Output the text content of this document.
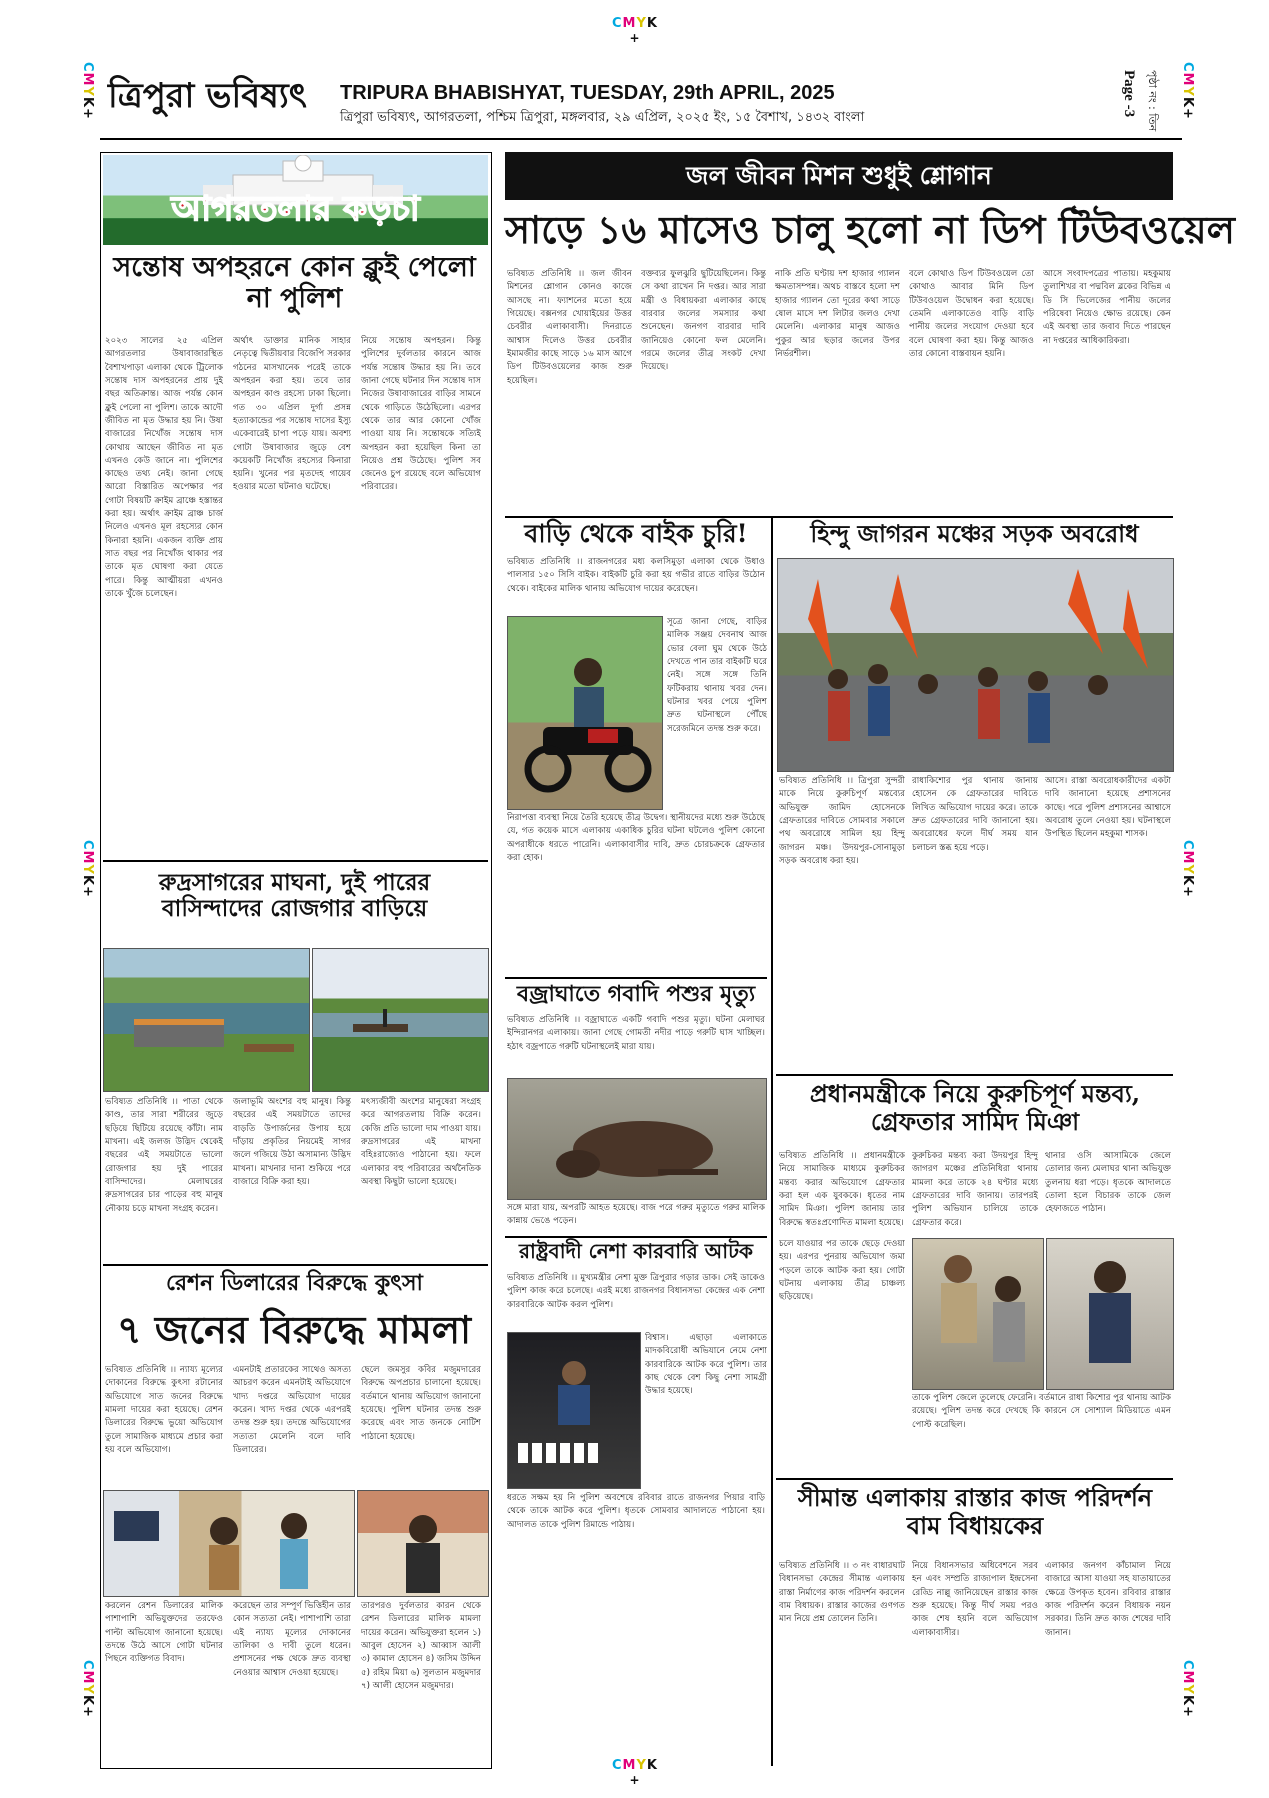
CMYK
+
CMYK
+
CMYK+
CMYK+
CMYK+
CMYK+
CMYK+
CMYK+
ত্রিপুরা ভবিষ্যৎ TRIPURA BHABISHYAT, TUESDAY, 29th APRIL, 2025
ত্রিপুরা ভবিষ্যৎ, আগরতলা, পশ্চিম ত্রিপুরা, মঙ্গলবার, ২৯ এপ্রিল, ২০২৫ ইং, ১৫ বৈশাখ, ১৪৩২ বাংলা
Page -3 পৃষ্ঠা নং : তিন
আগরতলার কড়চা
সন্তোষ অপহরনে কোন ক্লুই পেলো না পুলিশ
২০২৩ সালের ২৫ এপ্রিল আগরতলার উষাবাজারস্থিত বৈশাখপাড়া এলাকা থেকে ট্রিলোক সন্তোষ দাস অপহরনের প্রায় দুই বছর অতিক্রান্ত। আজ পর্যন্ত কোন ক্লুই পেলো না পুলিশ। তাকে আদৌ জীবিত না মৃত উদ্ধার হয় নি। উষা বাজারের নিখোঁজ সন্তোষ দাস কোথায় আছেন জীবিত না মৃত এখনও কেউ জানে না। পুলিশের কাছেও তথ্য নেই। জানা গেছে আরো বিস্তারিত অপেক্ষার পর গোটা বিষয়টি ক্রাইম ব্রাঞ্চে হস্তান্তর করা হয়। অর্থাৎ ক্রাইম ব্রাঞ্চ চার্জ নিলেও এখনও মূল রহস্যের কোন কিনারা হয়নি। একজন ব্যক্তি প্রায় সাত বছর পর নিখোঁজ থাকার পর তাকে মৃত ঘোষণা করা যেতে পারে। কিন্তু আত্মীয়রা এখনও তাকে খুঁজে চলেছেন।
অর্থাৎ ডাক্তার মানিক সাহার নেতৃত্বে দ্বিতীয়বার বিজেপি সরকার গঠনের মাসখানেক পরেই তাকে অপহরন করা হয়। তবে তার অপহরন কাণ্ড রহস্যে ঢাকা ছিলো। গত ৩০ এপ্রিল দুর্গা প্রসন্ন হত্যাকান্ডের পর সন্তোষ দাসের ইস্যু একেবারেই চাপা পড়ে যায়। অবশ্য গোটা উষাবাজার জুড়ে বেশ কয়েকটি নিখোঁজ রহস্যের কিনারা হয়নি। খুনের পর মৃতদেহ গায়েব হওয়ার মতো ঘটনাও ঘটেছে।
নিয়ে সন্তোষ অপহরন। কিন্তু পুলিশের দুর্বলতার কারনে আজ পর্যন্ত সন্তোষ উদ্ধার হয় নি। তবে জানা গেছে ঘটনার দিন সন্তোষ দাস নিজের উষাবাজারের বাড়ির সামনে থেকে গাড়িতে উঠেছিলো। এরপর থেকে তার আর কোনো খোঁজ পাওয়া যায় নি। সন্তোষকে সত্যিই অপহরন করা হয়েছিল কিনা তা নিয়েও প্রশ্ন উঠেছে। পুলিশ সব জেনেও চুপ রয়েছে বলে অভিযোগ পরিবারের।
রুদ্রসাগরের মাঘনা, দুই পারের বাসিন্দাদের রোজগার বাড়িয়ে
ভবিষ্যত প্রতিনিধি ।। পাতা থেকে কাণ্ড, তার সারা শরীরের জুড়ে ছড়িয়ে ছিটিয়ে রয়েছে কাঁটা। নাম মাখনা। এই জলজ উদ্ভিদ থেকেই বছরের এই সময়টাতে ভালো রোজগার হয় দুই পারের বাসিন্দাদের। মেলাঘরের রুদ্রসাগরের চার পাড়ের বহু মানুষ নৌকায় চড়ে মাখনা সংগ্রহ করেন।
জলাভূমি অংশের বহু মানুষ। কিন্তু বছরের এই সময়টাতে তাদের বাড়তি উপার্জনের উপায় হয়ে দাঁড়ায় প্রকৃতির নিয়মেই সাগর জলে গজিয়ে উঠা অসামান্য উদ্ভিদ মাখনা। মাখনার দানা শুকিয়ে পরে বাজারে বিক্রি করা হয়।
মৎস্যজীবী অংশের মানুষেরা সংগ্রহ করে আগরতলায় বিক্রি করেন। কেজি প্রতি ভালো দাম পাওয়া যায়। রুদ্রসাগরের এই মাখনা বহিঃরাজ্যেও পাঠানো হয়। ফলে এলাকার বহু পরিবারের অর্থনৈতিক অবস্থা কিছুটা ভালো হয়েছে।
রেশন ডিলারের বিরুদ্ধে কুৎসা
৭ জনের বিরুদ্ধে মামলা
ভবিষ্যত প্রতিনিধি ।। ন্যায্য মূল্যের দোকানের বিরুদ্ধে কুৎসা রটানোর অভিযোগে সাত জনের বিরুদ্ধে মামলা দায়ের করা হয়েছে। রেশন ডিলারের বিরুদ্ধে ভুয়ো অভিযোগ তুলে সামাজিক মাধ্যমে প্রচার করা হয় বলে অভিযোগ।
এমনটাই প্রতারকের সাথেও অসত্য আচরণ করেন এমনটাই অভিযোগে খাদ্য দপ্তরে অভিযোগ দায়ের করেন। খাদ্য দপ্তর থেকে এরপরই তদন্ত শুরু হয়। তদন্তে অভিযোগের সত্যতা মেলেনি বলে দাবি ডিলারের।
ছেলে জমসুর কবির মজুমদারের বিরুদ্ধে অপপ্রচার চালানো হয়েছে। বর্তমানে থানায় অভিযোগ জানানো হয়েছে। পুলিশ ঘটনার তদন্ত শুরু করেছে এবং সাত জনকে নোটিশ পাঠানো হয়েছে।
করলেন রেশন ডিলারের মালিক পাশাপাশি অভিযুক্তদের তরফেও পাল্টা অভিযোগ জানানো হয়েছে। তদন্তে উঠে আসে গোটা ঘটনার পিছনে ব্যক্তিগত বিবাদ।
করেছেন তার সম্পূর্ণ ভিত্তিহীন তার কোন সত্যতা নেই। পাশাপাশি তারা এই ন্যায্য মূল্যের দোকানের তালিকা ও দাবী তুলে ধরেন। প্রশাসনের পক্ষ থেকে দ্রুত ব্যবস্থা নেওয়ার আশ্বাস দেওয়া হয়েছে।
তারপরও দুর্বলতার কারন থেকে রেশন ডিলারের মালিক মামলা দায়ের করেন। অভিযুক্তরা হলেন ১) আবুল হোসেন ২) আব্বাস আলী ৩) কামাল হোসেন ৪) জসিম উদ্দিন ৫) রহিম মিয়া ৬) সুলতান মজুমদার ৭) আলী হোসেন মজুমদার।
জল জীবন মিশন শুধুই শ্লোগান
সাড়ে ১৬ মাসেও চালু হলো না ডিপ টিউবওয়েল
ভবিষ্যত প্রতিনিধি ।। জল জীবন মিশনের শ্লোগান কোনও কাজে আসছে না। ফ্যাশনের মতো হয়ে গিয়েছে। বক্সনগর খোয়াইয়ের উত্তর চেবরীর এলাকাবাসী। দিনরাতে আশ্বাস দিলেও উত্তর চেবরীর ইমামজীর কাছে সাড়ে ১৬ মাস আগে ডিপ টিউবওয়েলের কাজ শুরু হয়েছিল।
বক্তব্যর ফুলঝুরি ছুটিয়েছিলেন। কিন্তু সে কথা রাখেন নি দপ্তর। আর সারা মন্ত্রী ও বিধায়করা এলাকার কাছে বারবার জলের সমস্যার কথা শুনেছেন। জনগণ বারবার দাবি জানিয়েও কোনো ফল মেলেনি। গরমে জলের তীব্র সংকট দেখা দিয়েছে।
নাকি প্রতি ঘণ্টায় দশ হাজার গ্যালন ক্ষমতাসম্পন্ন। অথচ বাস্তবে হলো দশ হাজার গ্যালন তো দূরের কথা সাড়ে ষোল মাসে দশ লিটার জলও দেখা মেলেনি। এলাকার মানুষ আজও পুকুর আর ছড়ার জলের উপর নির্ভরশীল।
বলে কোথাও ডিপ টিউবওয়েল তো কোথাও আবার মিনি ডিপ টিউবওয়েল উদ্বোধন করা হয়েছে। তেমনি এলাকাতেও বাড়ি বাড়ি পানীয় জলের সংযোগ দেওয়া হবে বলে ঘোষণা করা হয়। কিন্তু আজও তার কোনো বাস্তবায়ন হয়নি।
আসে সংবাদপত্রের পাতায়। মহকুমায় তুলাশিখর বা পদ্মবিল ব্লকের বিভিন্ন এ ডি সি ভিলেজের পানীয় জলের পরিষেবা নিয়েও ক্ষোভ রয়েছে। কেন এই অবস্থা তার জবাব দিতে পারছেন না দপ্তরের আধিকারিকরা।
বাড়ি থেকে বাইক চুরি!
ভবিষ্যত প্রতিনিধি ।। রাজনগরের মধ্য কলসিমুড়া এলাকা থেকে উধাও পালসার ১৫০ সিসি বাইক। বাইকটি চুরি করা হয় গভীর রাতে বাড়ির উঠোন থেকে। বাইকের মালিক থানায় অভিযোগ দায়ের করেছেন।
সূত্রে জানা গেছে, বাড়ির মালিক সঞ্জয় দেবনাথ আজ ভোর বেলা ঘুম থেকে উঠে দেখতে পান তার বাইকটি ঘরে নেই। সঙ্গে সঙ্গে তিনি ফটিকরায় থানায় খবর দেন। ঘটনার খবর পেয়ে পুলিশ দ্রুত ঘটনাস্থলে পৌঁছে সরেজমিনে তদন্ত শুরু করে।
নিরাপত্তা ব্যবস্থা নিয়ে তৈরি হয়েছে তীব্র উদ্বেগ। স্থানীয়দের মধ্যে শুরু উঠেছে যে, গত কয়েক মাসে এলাকায় একাধিক চুরির ঘটনা ঘটলেও পুলিশ কোনো অপরাধীকে ধরতে পারেনি। এলাকাবাসীর দাবি, দ্রুত চোরচক্রকে গ্রেফতার করা হোক।
বজ্রাঘাতে গবাদি পশুর মৃত্যু
ভবিষ্যত প্রতিনিধি ।। বজ্রাঘাতে একটি গবাদি পশুর মৃত্যু। ঘটনা মেলাঘর ইন্দিরানগর এলাকায়। জানা গেছে গোমতী নদীর পাড়ে গরুটি ঘাস খাচ্ছিল। হঠাৎ বজ্রপাতে গরুটি ঘটনাস্থলেই মারা যায়।
সঙ্গে মারা যায়, অপরটি আহত হয়েছে। বাজ পরে গরুর মৃত্যুতে গরুর মালিক কান্নায় ভেঙে পড়েন।
রাষ্ট্রবাদী নেশা কারবারি আটক
ভবিষ্যত প্রতিনিধি ।। মুখ্যমন্ত্রীর নেশা মুক্ত ত্রিপুরার গড়ার ডাক। সেই ডাকেও পুলিশ কাজ করে চলেছে। এরই মধ্যে রাজনগর বিধানসভা কেন্দ্রের এক নেশা কারবারিকে আটক করল পুলিশ।
বিশ্বাস। এছাড়া এলাকাতে মাদকবিরোধী অভিযানে নেমে নেশা কারবারিকে আটক করে পুলিশ। তার কাছ থেকে বেশ কিছু নেশা সামগ্রী উদ্ধার হয়েছে।
ধরতে সক্ষম হয় নি পুলিশ অবশেষে রবিবার রাতে রাজনগর পিয়ার বাড়ি থেকে তাকে আটক করে পুলিশ। ধৃতকে সোমবার আদালতে পাঠানো হয়। আদালত তাকে পুলিশ রিমান্ডে পাঠায়।
হিন্দু জাগরন মঞ্চের সড়ক অবরোধ
ভবিষ্যত প্রতিনিধি ।। ত্রিপুরা সুন্দরী মাকে নিয়ে কুরুচিপূর্ণ মন্তব্যের অভিযুক্ত জামিদ হোসেনকে গ্রেফতারের দাবিতে সোমবার সকালে পথ অবরোধে সামিল হয় হিন্দু জাগরন মঞ্চ। উদয়পুর-সোনামুড়া সড়ক অবরোধ করা হয়।
রাধাকিশোর পুর থানায় জানায় হোসেন কে গ্রেফতারের দাবিতে লিখিত অভিযোগ দায়ের করে। তাকে দ্রুত গ্রেফতারের দাবি জানানো হয়। অবরোধের ফলে দীর্ঘ সময় যান চলাচল স্তব্ধ হয়ে পড়ে।
আসে। রাস্তা অবরোধকারীদের একটা দাবি জানানো হয়েছে প্রশাসনের কাছে। পরে পুলিশ প্রশাসনের আশ্বাসে অবরোধ তুলে নেওয়া হয়। ঘটনাস্থলে উপস্থিত ছিলেন মহকুমা শাসক।
প্রধানমন্ত্রীকে নিয়ে কুরুচিপূর্ণ মন্তব্য, গ্রেফতার সামিদ মিঞা
ভবিষ্যত প্রতিনিধি ।। প্রধানমন্ত্রীকে নিয়ে সামাজিক মাধ্যমে কুরুচিকর মন্তব্য করার অভিযোগে গ্রেফতার করা হল এক যুবককে। ধৃতের নাম সামিদ মিঞা। পুলিশ জানায় তার বিরুদ্ধে স্বতঃপ্রণোদিত মামলা হয়েছে।
কুরুচিকর মন্তব্য করা উদয়পুর হিন্দু জাগরণ মঞ্চের প্রতিনিধিরা থানায় মামলা করে তাকে ২৪ ঘণ্টার মধ্যে গ্রেফতারের দাবি জানায়। তারপরই পুলিশ অভিযান চালিয়ে তাকে গ্রেফতার করে।
থানার ওসি আসামিকে জেলে তোলার জন্য মেলাঘর থানা অভিযুক্ত তুলনায় ধরা পড়ে। ধৃতকে আদালতে তোলা হলে বিচারক তাকে জেল হেফাজতে পাঠান।
চলে যাওয়ার পর তাকে ছেড়ে দেওয়া হয়। এরপর পুনরায় অভিযোগ জমা পড়লে তাকে আটক করা হয়। গোটা ঘটনায় এলাকায় তীব্র চাঞ্চল্য ছড়িয়েছে।
তাকে পুলিশ জেলে তুলেছে ফেরেনি। বর্তমানে রাধা কিশোর পুর থানায় আটক রয়েছে। পুলিশ তদন্ত করে দেখছে কি কারনে সে সোশ্যাল মিডিয়াতে এমন পোস্ট করেছিল।
সীমান্ত এলাকায় রাস্তার কাজ পরিদর্শন বাম বিধায়কের
ভবিষ্যত প্রতিনিধি ।। ৩ নং বাধারঘাট বিধানসভা কেন্দ্রের সীমান্ত এলাকায় রাস্তা নির্মাণের কাজ পরিদর্শন করলেন বাম বিধায়ক। রাস্তার কাজের গুণগত মান নিয়ে প্রশ্ন তোলেন তিনি।
নিয়ে বিধানসভার অধিবেশনে সরব হন এবং সম্প্রতি রাজ্যপাল ইন্দ্রসেনা রেড্ডি নাল্লু জানিয়েছেন রাস্তার কাজ শুরু হয়েছে। কিন্তু দীর্ঘ সময় পরও কাজ শেষ হয়নি বলে অভিযোগ এলাকাবাসীর।
এলাকার জনগণ কাঁচামাল নিয়ে বাজারে আসা যাওয়া সহ যাতায়াতের ক্ষেত্রে উপকৃত হবেন। রবিবার রাস্তার কাজ পরিদর্শন করেন বিধায়ক নয়ন সরকার। তিনি দ্রুত কাজ শেষের দাবি জানান।
